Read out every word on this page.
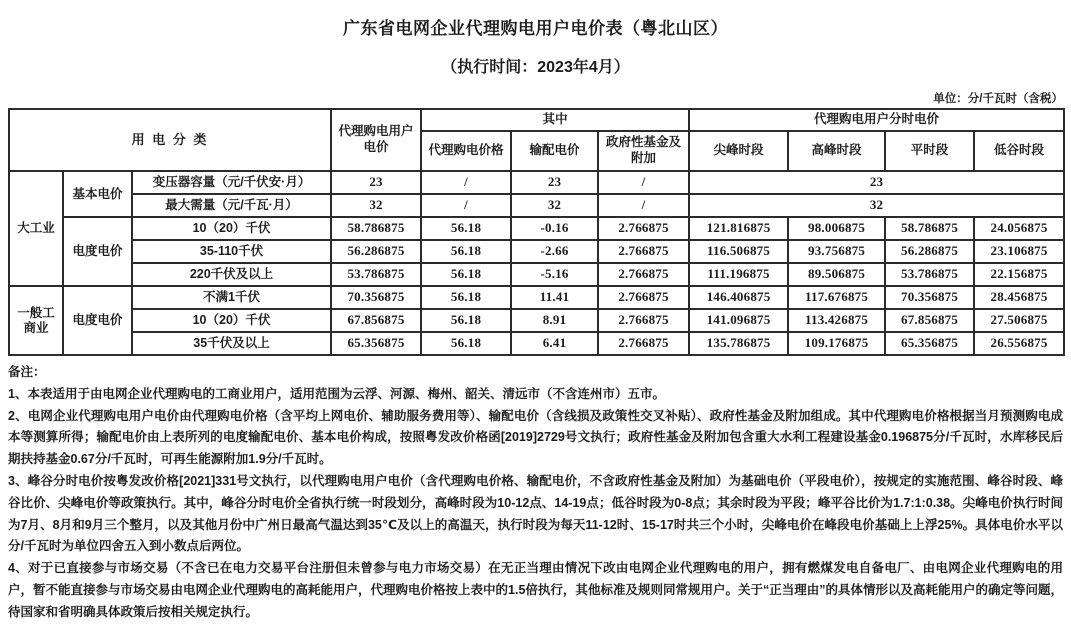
广东省电网企业代理购电用户电价表（粤北山区）
（执行时间：2023年4月）
单位：分/千瓦时（含税）
用 电 分 类			代理购电用户电价	其中			代理购电用户分时电价			
				代理购电价格	输配电价	政府性基金及附加	尖峰时段	高峰时段	平时段	低谷时段
大工业	基本电价	变压器容量（元/千伏安·月）	23	/	23	/	23			
		最大需量（元/千瓦·月）	32	/	32	/	32			
	电度电价	10（20）千伏	58.786875	56.18	-0.16	2.766875	121.816875	98.006875	58.786875	24.056875
		35-110千伏	56.286875	56.18	-2.66	2.766875	116.506875	93.756875	56.286875	23.106875
		220千伏及以上	53.786875	56.18	-5.16	2.766875	111.196875	89.506875	53.786875	22.156875
一般工商业	电度电价	不满1千伏	70.356875	56.18	11.41	2.766875	146.406875	117.676875	70.356875	28.456875
		10（20）千伏	67.856875	56.18	8.91	2.766875	141.096875	113.426875	67.856875	27.506875
		35千伏及以上	65.356875	56.18	6.41	2.766875	135.786875	109.176875	65.356875	26.556875

备注：

1、本表适用于由电网企业代理购电的工商业用户，适用范围为云浮、河源、梅州、韶关、清远市（不含连州市）五市。

2、电网企业代理购电用户电价由代理购电价格（含平均上网电价、辅助服务费用等）、输配电价（含线损及政策性交叉补贴）、政府性基金及附加组成。其中代理购电价格根据当月预测购电成本等测算所得；输配电价由上表所列的电度输配电价、基本电价构成，按照粤发改价格函[2019]2729号文执行；政府性基金及附加包含重大水利工程建设基金0.196875分/千瓦时，水库移民后期扶持基金0.67分/千瓦时，可再生能源附加1.9分/千瓦时。

3、峰谷分时电价按粤发改价格[2021]331号文执行，以代理购电用户电价（含代理购电价格、输配电价，不含政府性基金及附加）为基础电价（平段电价），按规定的实施范围、峰谷时段、峰谷比价、尖峰电价等政策执行。其中，峰谷分时电价全省执行统一时段划分，高峰时段为10-12点、14-19点；低谷时段为0-8点；其余时段为平段；峰平谷比价为1.7:1:0.38。尖峰电价执行时间为7月、8月和9月三个整月，以及其他月份中广州日最高气温达到35℃及以上的高温天，执行时段为每天11-12时、15-17时共三个小时，尖峰电价在峰段电价基础上上浮25%。具体电价水平以分/千瓦时为单位四舍五入到小数点后两位。

4、对于已直接参与市场交易（不含已在电力交易平台注册但未曾参与电力市场交易）在无正当理由情况下改由电网企业代理购电的用户，拥有燃煤发电自备电厂、由电网企业代理购电的用户，暂不能直接参与市场交易由电网企业代理购电的高耗能用户，代理购电价格按上表中的1.5倍执行，其他标准及规则同常规用户。关于“正当理由”的具体情形以及高耗能用户的确定等问题，待国家和省明确具体政策后按相关规定执行。
